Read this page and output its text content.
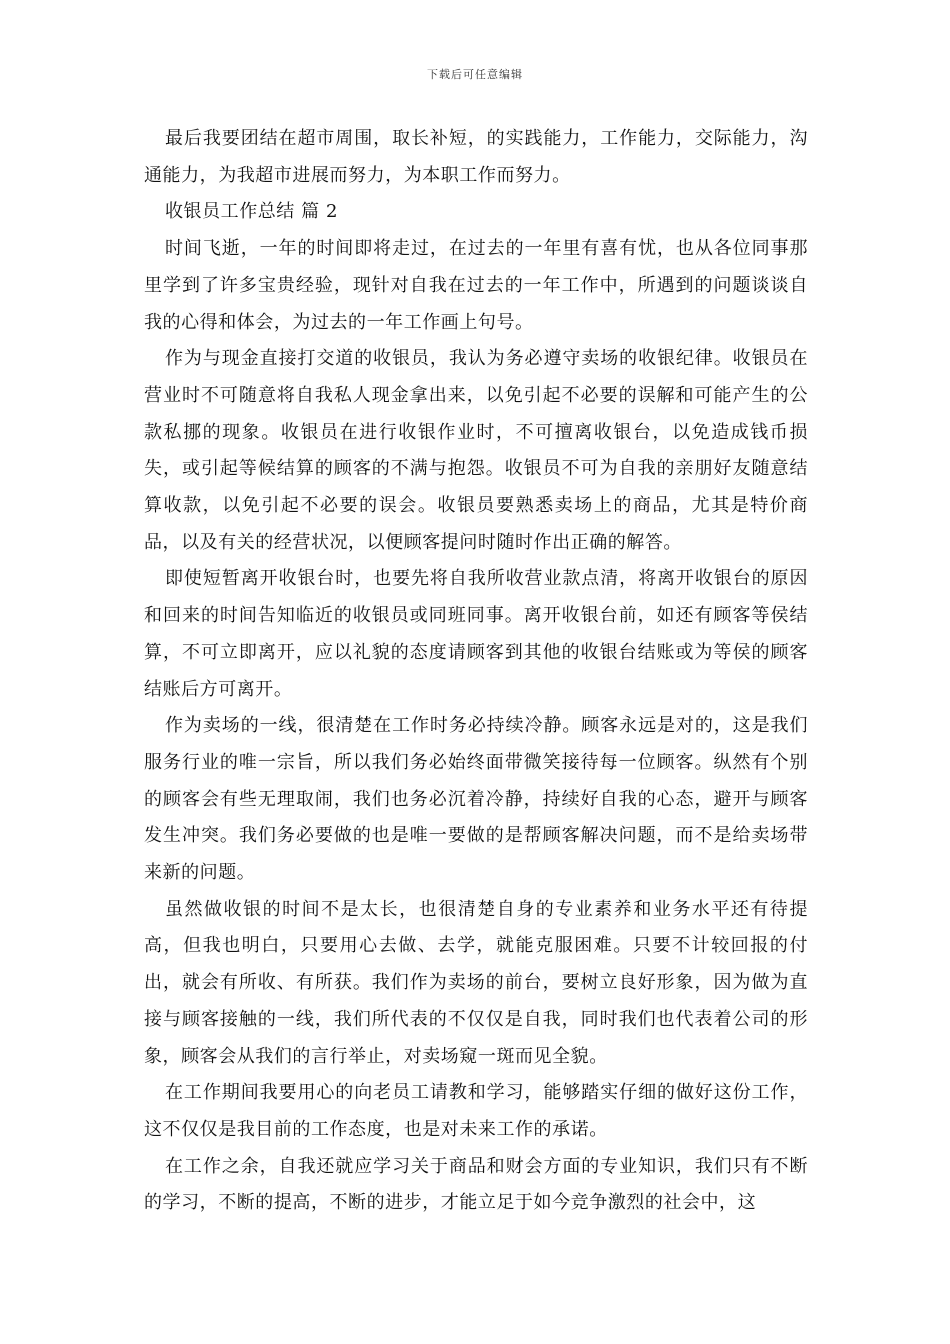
下载后可任意编辑

最后我要团结在超市周围，取长补短，的实践能力，工作能力，交际能力，沟通能力，为我超市进展而努力，为本职工作而努力。

收银员工作总结 篇 2

时间飞逝，一年的时间即将走过，在过去的一年里有喜有忧，也从各位同事那里学到了许多宝贵经验，现针对自我在过去的一年工作中，所遇到的问题谈谈自我的心得和体会，为过去的一年工作画上句号。

作为与现金直接打交道的收银员，我认为务必遵守卖场的收银纪律。收银员在营业时不可随意将自我私人现金拿出来，以免引起不必要的误解和可能产生的公款私挪的现象。收银员在进行收银作业时，不可擅离收银台，以免造成钱币损失，或引起等候结算的顾客的不满与抱怨。收银员不可为自我的亲朋好友随意结算收款，以免引起不必要的误会。收银员要熟悉卖场上的商品，尤其是特价商品，以及有关的经营状况，以便顾客提问时随时作出正确的解答。

即使短暂离开收银台时，也要先将自我所收营业款点清，将离开收银台的原因和回来的时间告知临近的收银员或同班同事。离开收银台前，如还有顾客等侯结算，不可立即离开，应以礼貌的态度请顾客到其他的收银台结账或为等侯的顾客结账后方可离开。

作为卖场的一线，很清楚在工作时务必持续冷静。顾客永远是对的，这是我们服务行业的唯一宗旨，所以我们务必始终面带微笑接待每一位顾客。纵然有个别的顾客会有些无理取闹，我们也务必沉着冷静，持续好自我的心态，避开与顾客发生冲突。我们务必要做的也是唯一要做的是帮顾客解决问题，而不是给卖场带来新的问题。

虽然做收银的时间不是太长，也很清楚自身的专业素养和业务水平还有待提高，但我也明白，只要用心去做、去学，就能克服困难。只要不计较回报的付出，就会有所收、有所获。我们作为卖场的前台，要树立良好形象，因为做为直接与顾客接触的一线，我们所代表的不仅仅是自我，同时我们也代表着公司的形象，顾客会从我们的言行举止，对卖场窥一斑而见全貌。

在工作期间我要用心的向老员工请教和学习，能够踏实仔细的做好这份工作，这不仅仅是我目前的工作态度，也是对未来工作的承诺。

在工作之余，自我还就应学习关于商品和财会方面的专业知识，我们只有不断的学习，不断的提高，不断的进步，才能立足于如今竞争激烈的社会中，这
